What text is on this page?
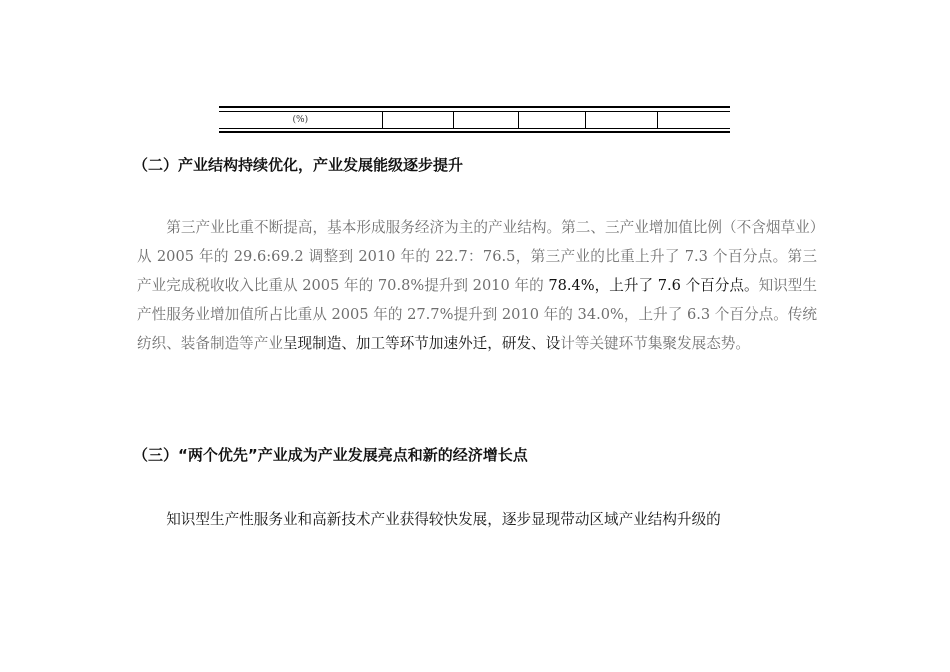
(%)
（二）产业结构持续优化，产业发展能级逐步提升

第三产业比重不断提高，基本形成服务经济为主的产业结构。第二、三产业增加值比例（不含烟草业）从 2005 年的 29.6:69.2 调整到 2010 年的 22.7：76.5，第三产业的比重上升了 7.3 个百分点。第三产业完成税收收入比重从 2005 年的 70.8%提升到 2010 年的 78.4%，上升了 7.6 个百分点。知识型生产性服务业增加值所占比重从 2005 年的 27.7%提升到 2010 年的 34.0%，上升了 6.3 个百分点。传统纺织、装备制造等产业呈现制造、加工等环节加速外迁，研发、设计等关键环节集聚发展态势。

（三）“两个优先”产业成为产业发展亮点和新的经济增长点

知识型生产性服务业和高新技术产业获得较快发展，逐步显现带动区域产业结构升级的
